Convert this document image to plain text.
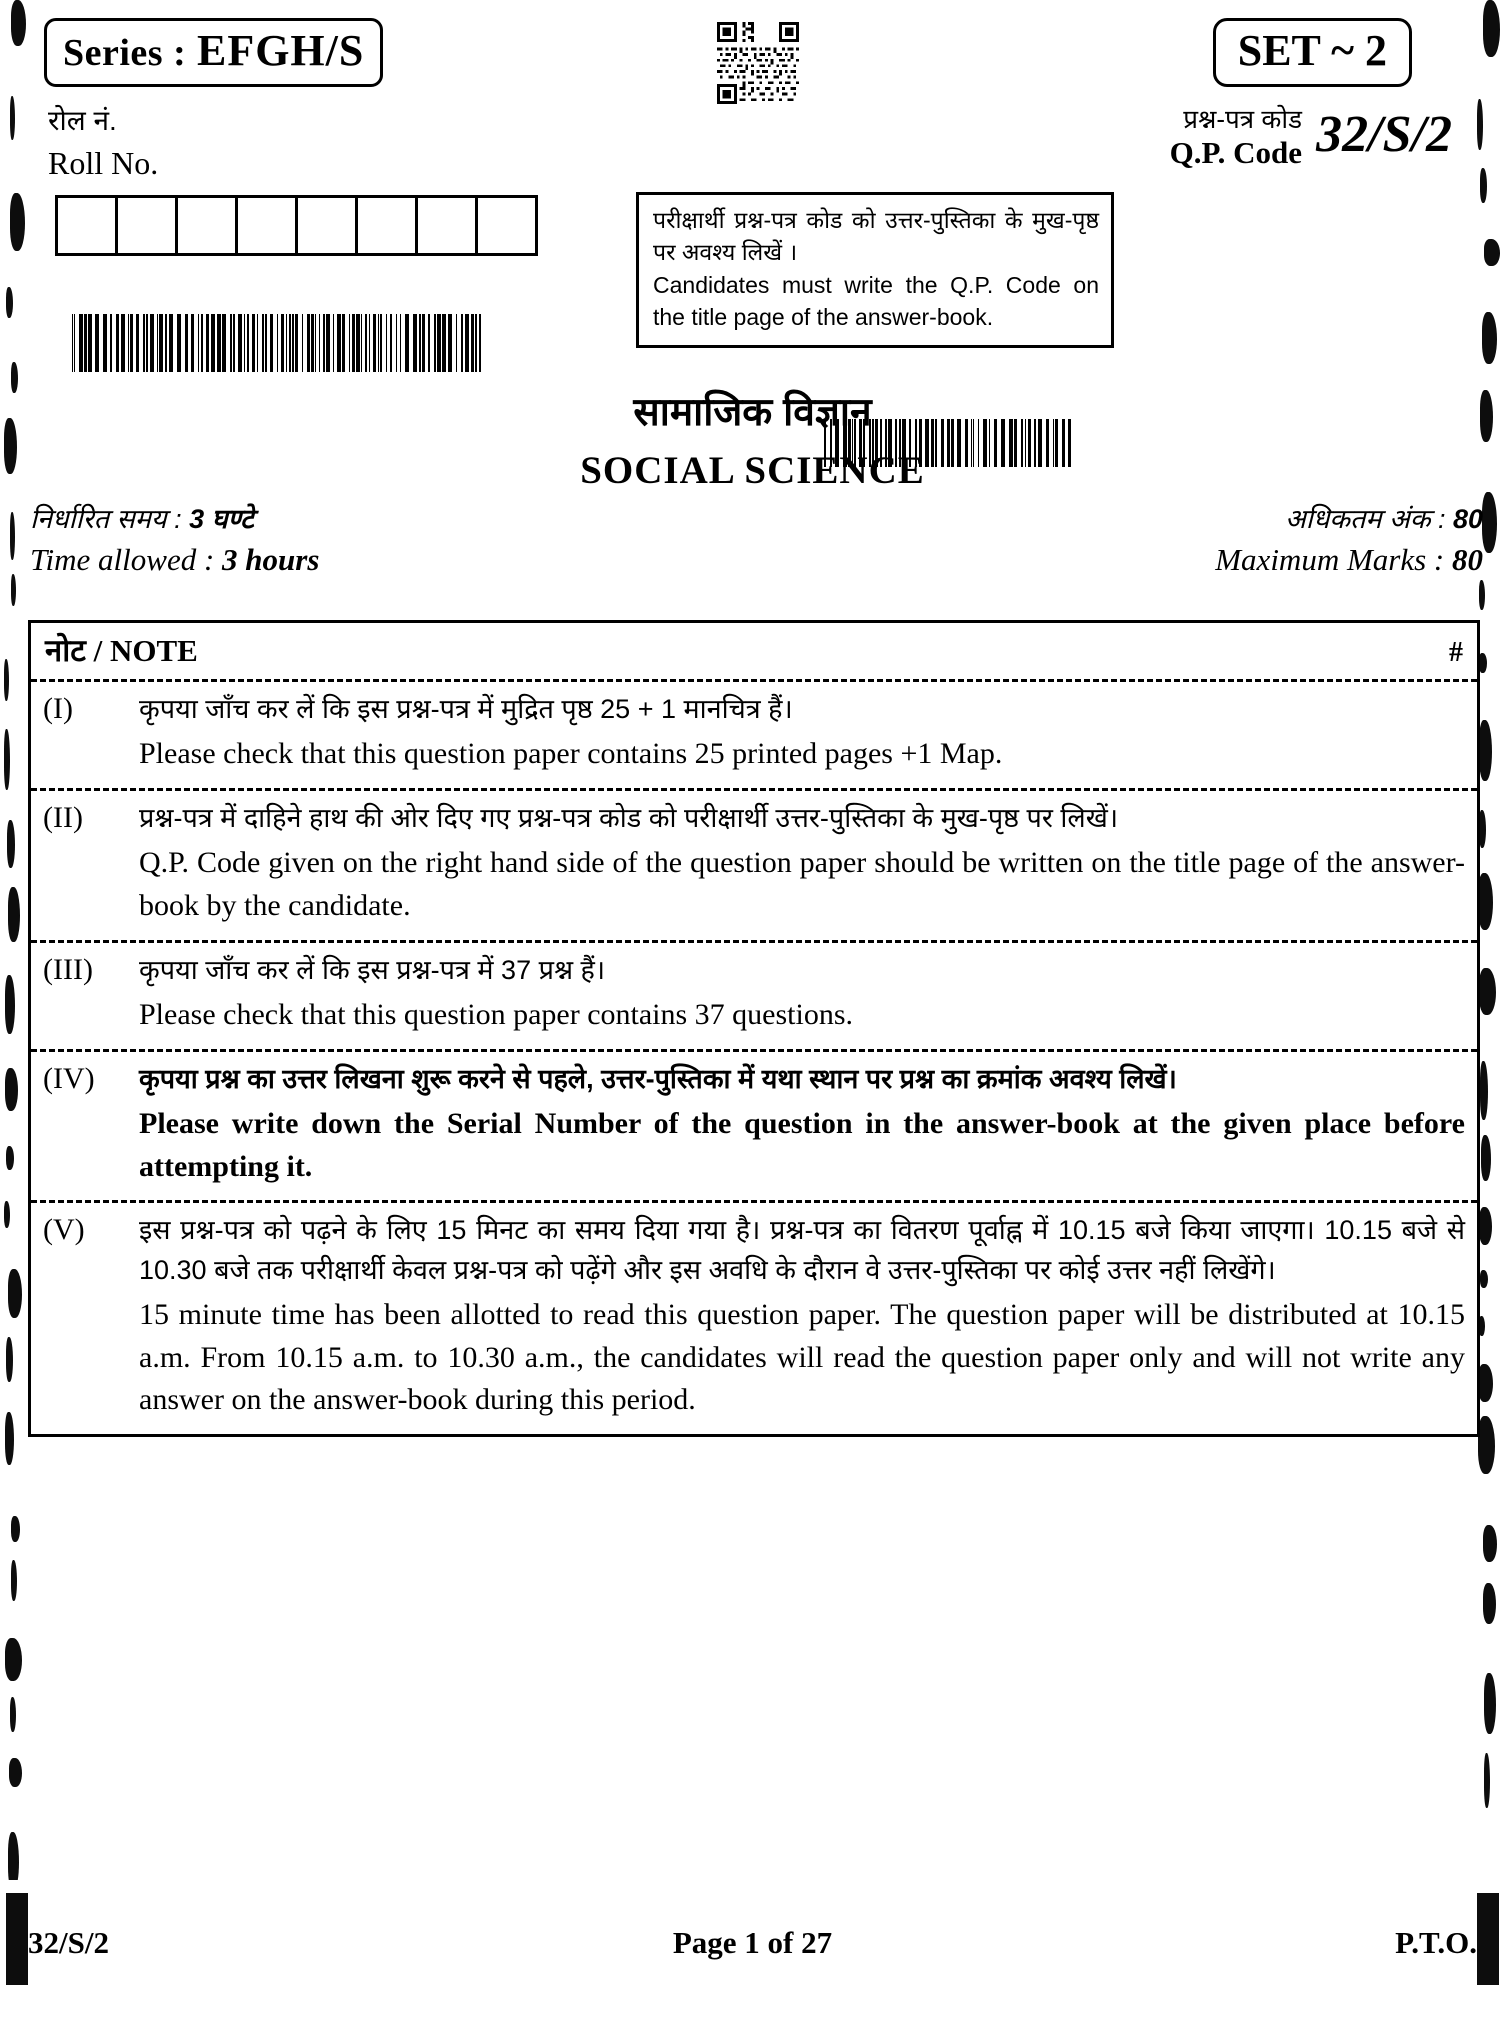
Series : EFGH/S	SET ~ 2
रोल नं.
Roll No.
प्रश्न-पत्र कोड
Q.P. Code 32/S/2
परीक्षार्थी प्रश्न-पत्र कोड को उत्तर-पुस्तिका के मुख-पृष्ठ पर अवश्य लिखें ।
Candidates must write the Q.P. Code on the title page of the answer-book.
सामाजिक विज्ञान
SOCIAL SCIENCE
निर्धारित समय : 3 घण्टे
Time allowed : 3 hours
अधिकतम अंक : 80
Maximum Marks : 80
नोट / NOTE	#
(I)	कृपया जाँच कर लें कि इस प्रश्न-पत्र में मुद्रित पृष्ठ 25 + 1 मानचित्र हैं।

Please check that this question paper contains 25 printed pages +1 Map.

(II)	प्रश्न-पत्र में दाहिने हाथ की ओर दिए गए प्रश्न-पत्र कोड को परीक्षार्थी उत्तर-पुस्तिका के मुख-पृष्ठ पर लिखें।

Q.P. Code given on the right hand side of the question paper should be written on the title page of the answer-book by the candidate.

(III)	कृपया जाँच कर लें कि इस प्रश्न-पत्र में 37 प्रश्न हैं।

Please check that this question paper contains 37 questions.

(IV)	कृपया प्रश्न का उत्तर लिखना शुरू करने से पहले, उत्तर-पुस्तिका में यथा स्थान पर प्रश्न का क्रमांक अवश्य लिखें।

Please write down the Serial Number of the question in the answer-book at the given place before attempting it.

(V)	इस प्रश्न-पत्र को पढ़ने के लिए 15 मिनट का समय दिया गया है। प्रश्न-पत्र का वितरण पूर्वाह्न में 10.15 बजे किया जाएगा। 10.15 बजे से 10.30 बजे तक परीक्षार्थी केवल प्रश्न-पत्र को पढ़ेंगे और इस अवधि के दौरान वे उत्तर-पुस्तिका पर कोई उत्तर नहीं लिखेंगे।

15 minute time has been allotted to read this question paper. The question paper will be distributed at 10.15 a.m. From 10.15 a.m. to 10.30 a.m., the candidates will read the question paper only and will not write any answer on the answer-book during this period.

32/S/2	Page 1 of 27	P.T.O.
